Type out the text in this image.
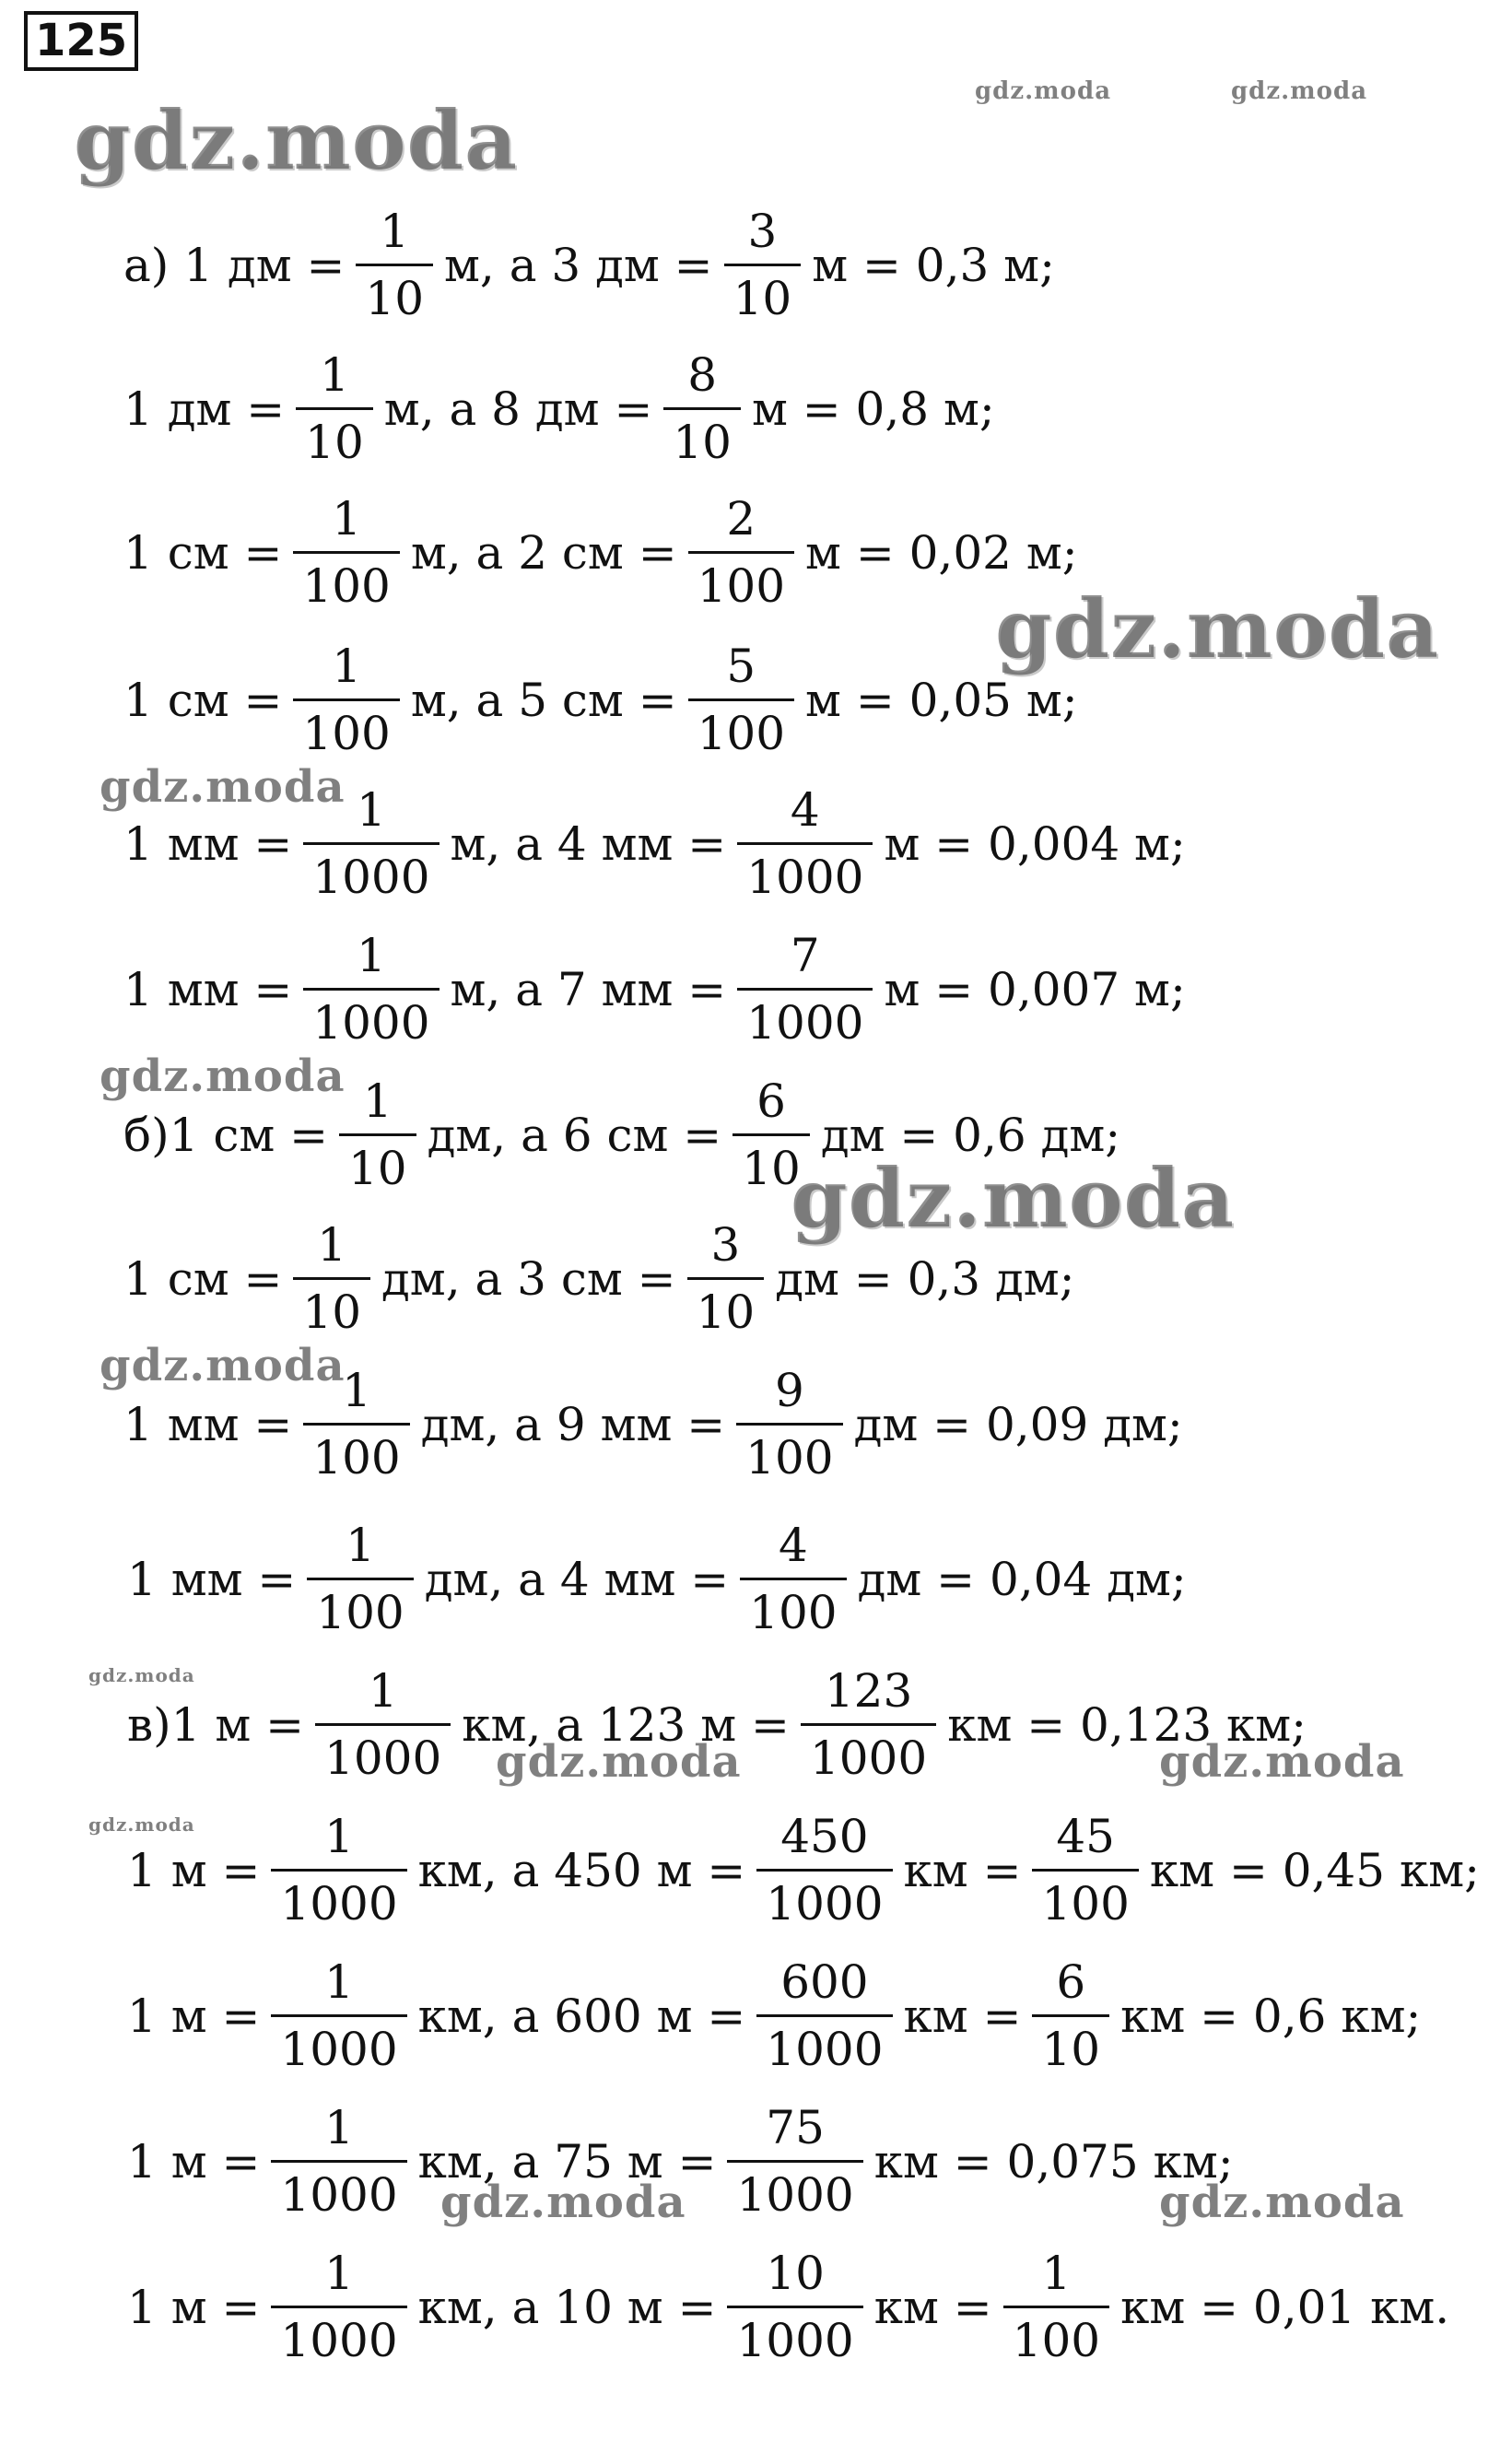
125
gdz.moda
gdz.moda	gdz.moda
gdz.moda
gdz.moda
gdz.moda
gdz.moda
gdz.moda
gdz.moda
gdz.moda	gdz.moda
gdz.moda
gdz.moda	gdz.moda
а) 1 дм = $\frac{1}{10} м$, а 3 дм = $\frac{3}{10}$ м = 0,3 м;
1 дм = $\frac{1}{10} м$, а 8 дм = $\frac{8}{10}$ м = 0,8 м;
1 см = $\frac{1}{100} м$, а 2 см = $\frac{2}{100}$ м = 0,02 м;
1 см = $\frac{1}{100} м$, а 5 см = $\frac{5}{100}$ м = 0,05 м;
1 мм = $\frac{1}{1000} м$, а 4 мм = $\frac{4}{1000}$ м = 0,004 м;
1 мм = $\frac{1}{1000} м$, а 7 мм = $\frac{7}{1000}$ м = 0,007 м;
б)1 см = $\frac{1}{10}$ дм, а 6 см = $\frac{6}{10}$ дм = 0,6 дм;
1 см = $\frac{1}{10}$ дм, а 3 см = $\frac{3}{10}$ дм = 0,3 дм;
1 мм = $\frac{1}{100}$ дм, а 9 мм = $\frac{9}{100}$ дм = 0,09 дм;
1 мм = $\frac{1}{100}$ дм, а 4 мм = $\frac{4}{100}$ дм = 0,04 дм;
в)1 $м = \frac{1}{1000}$ км, а 123 $м = \frac{123}{1000}$ км = 0,123 км;
1 $м = \frac{1}{1000}$ км, а 450 $м = \frac{450}{1000}$ км = $\frac{45}{100}$ км = 0,45 км;
1 $м = \frac{1}{1000}$ км, а 600 $м = \frac{600}{1000}$ км = $\frac{6}{10}$ км = 0,6 км;
1 $м = \frac{1}{1000}$ км, а 75 $м = \frac{75}{1000}$ км = 0,075 км;
1 $м = \frac{1}{1000}$ км, а 10 $м = \frac{10}{1000}$ км = $\frac{1}{100}$ км = 0,01 км.
